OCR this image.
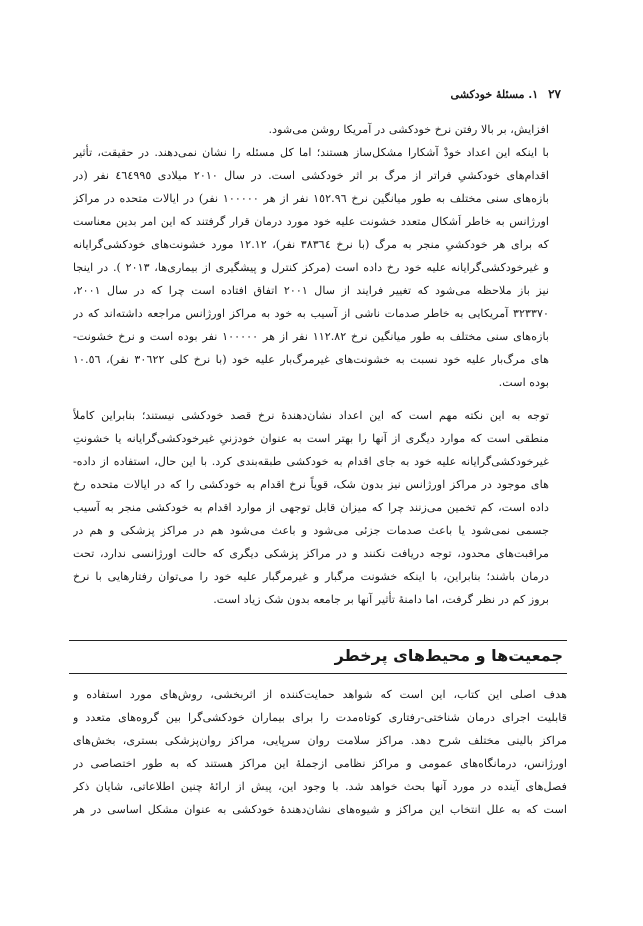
۲۷
۱. مسئلهٔ خودکشی
افزایش، بر بالا رفتن نرخ خودکشی در آمریکا روشن می‌شود.
با اینکه این اعداد خودْ آشکارا مشکل‌ساز هستند؛ اما کل مسئله را نشان نمی‌دهند. در حقیقت، تأثیر
اقدام‌های خودکشیِ فراتر از مرگ بر اثر خودکشی است. در سال ۲۰۱۰ میلادی ٤٦٤٩٩٥ نفر (در
بازه‌های سنی مختلف به طور میانگین نرخ ١٥٢.٩٦ نفر از هر ١٠٠٠٠٠ نفر) در ایالات متحده در مراکز
اورژانس به خاطر اَشکال متعدد خشونت علیه خود مورد درمان قرار گرفتند که این امر بدین معناست
که برای هر خودکشیِ منجر به مرگ (با نرخ ٣٨٣٦٤ نفر)، ١٢.١٢ مورد خشونت‌های خودکشی‌گرایانه
و غیرخودکشی‌گرایانه علیه خود رخ داده است (مرکز کنترل و پیشگیری از بیماری‌ها، ٢٠١٣ ). در اینجا
نیز باز ملاحظه می‌شود که تغییر فرایند از سال ٢٠٠١ اتفاق افتاده است چرا که در سال ٢٠٠١،
٣٢٣٣٧٠ آمریکایی به خاطر صدمات ناشی از آسیب به خود به مراکز اورژانس مراجعه داشته‌اند که در
بازه‌های سنی مختلف به طور میانگین نرخ ١١٢.٨٢ نفر از هر ١٠٠٠٠٠ نفر بوده است و نرخ خشونت-
های مرگ‌بار علیه خود نسبت به خشونت‌های غیرمرگ‌بار علیه خود (با نرخ کلی ٣٠٦٢٢ نفر)، ١٠.٥٦
بوده است.
توجه به این نکته مهم است که این اعداد نشان‌دهندهٔ نرخ قصد خودکشی نیستند؛ بنابراین کاملاً
منطقی است که موارد دیگری از آنها را بهتر است به عنوان خودزنیِ غیرخودکشی‌گرایانه یا خشونتِ
غیرخودکشی‌گرایانه علیه خود به جای اقدام به خودکشی طبقه‌بندی کرد. با این حال، استفاده از داده-
های موجود در مراکز اورژانس نیز بدون شک، قویاً نرخ اقدام به خودکشی را که در ایالات متحده رخ
داده است، کم تخمین می‌زنند چرا که میزان قابل توجهی از موارد اقدام به خودکشی منجر به آسیب
جسمی نمی‌شود یا باعث صدمات جزئی می‌شود و باعث می‌شود هم در مراکز پزشکی و هم در
مراقبت‌های محدود، توجه دریافت نکنند و در مراکز پزشکی دیگری که حالت اورژانسی ندارد، تحت
درمان باشند؛ بنابراین، با اینکه خشونت مرگبار و غیرمرگبار علیه خود را می‌توان رفتارهایی با نرخ
بروز کم در نظر گرفت، اما دامنهٔ تأثیر آنها بر جامعه بدون شک زیاد است.
جمعیت‌ها و محیط‌های پرخطر
هدف اصلی این کتاب، این است که شواهد حمایت‌کننده از اثربخشی، روش‌های مورد استفاده و
قابلیت اجرای درمان شناختی-رفتاری کوتاه‌مدت را برای بیماران خودکشی‌گرا بین گروه‌های متعدد و
مراکز بالینی مختلف شرح دهد. مراکز سلامت روان سرپایی، مراکز روان‌پزشکی بستری، بخش‌های
اورژانس، درمانگاه‌های عمومی و مراکز نظامی ازجملهٔ این مراکز هستند که به طور اختصاصی در
فصل‌های آینده در مورد آنها بحث خواهد شد. با وجود این، پیش از ارائهٔ چنین اطلاعاتی، شایان ذکر
است که به علل انتخاب این مراکز و شیوه‌های نشان‌دهندهٔ خودکشی به عنوان مشکل اساسی در هر
